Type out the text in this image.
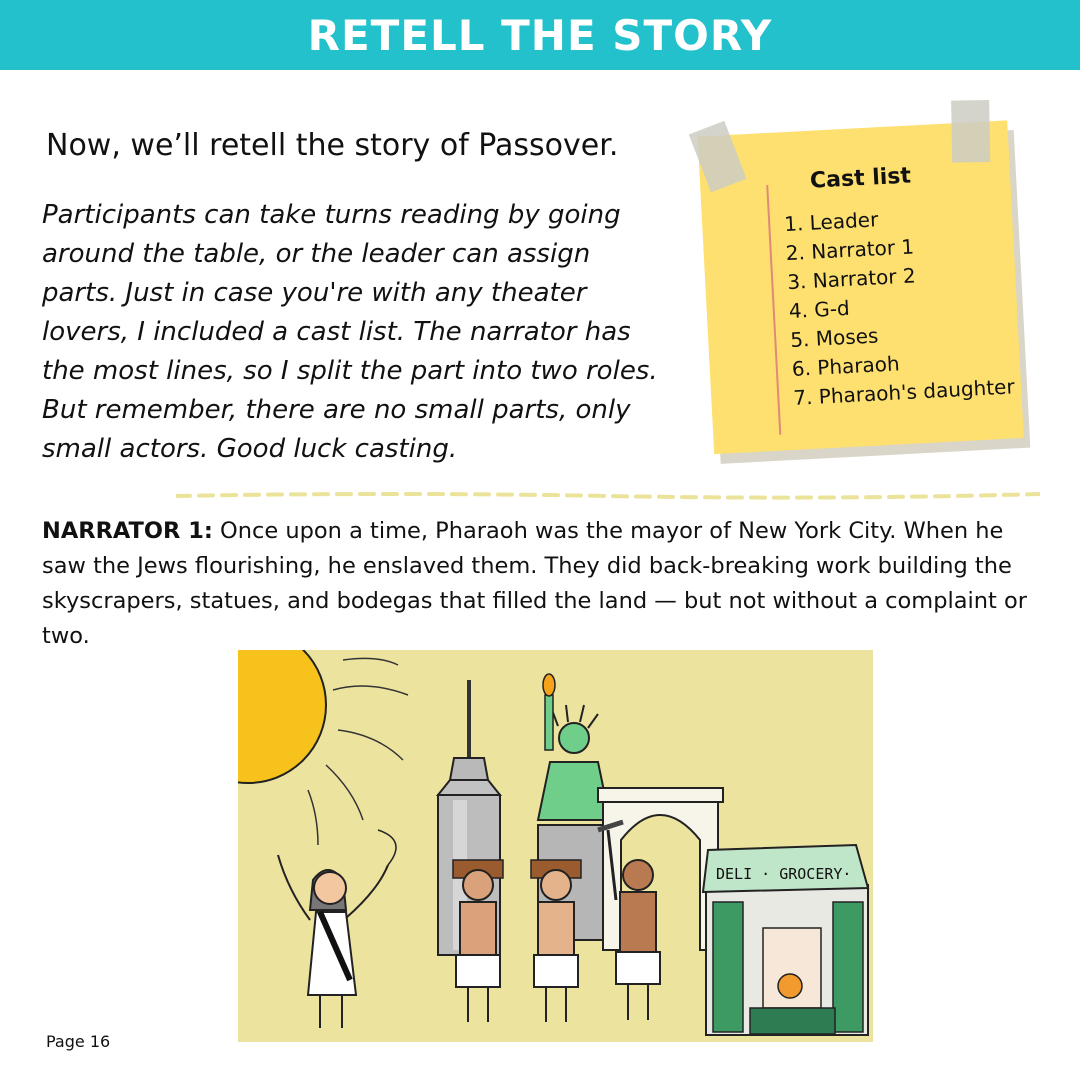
RETELL THE STORY
Now, we’ll retell the story of Passover.
Participants can take turns reading by going around the table, or the leader can assign parts. Just in case you're with any theater lovers, I included a cast list. The narrator has the most lines, so I split the part into two roles. But remember, there are no small parts, only small actors. Good luck casting.
Cast list
1. Leader
2. Narrator 1
3. Narrator 2
4. G-d
5. Moses
6. Pharaoh
7. Pharaoh's daughter
NARRATOR 1: Once upon a time, Pharaoh was the mayor of New York City. When he saw the Jews flourishing, he enslaved them. They did back-breaking work building the skyscrapers, statues, and bodegas that filled the land — but not without a complaint or two.
DELI · GROCERY·
Page 16
